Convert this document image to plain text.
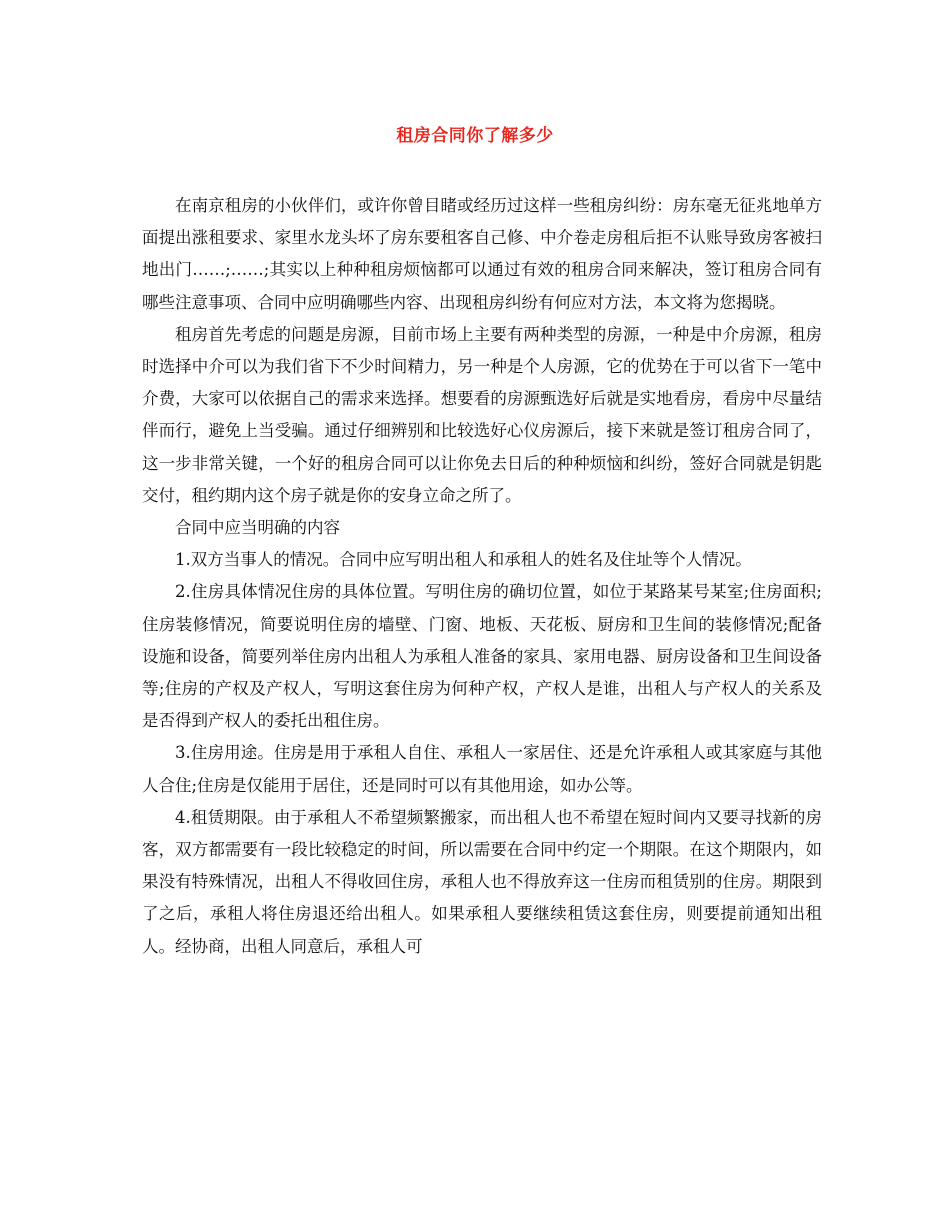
租房合同你了解多少

在南京租房的小伙伴们，或许你曾目睹或经历过这样一些租房纠纷：房东毫无征兆地单方面提出涨租要求、家里水龙头坏了房东要租客自己修、中介卷走房租后拒不认账导致房客被扫地出门……;……;其实以上种种租房烦恼都可以通过有效的租房合同来解决，签订租房合同有哪些注意事项、合同中应明确哪些内容、出现租房纠纷有何应对方法，本文将为您揭晓。

租房首先考虑的问题是房源，目前市场上主要有两种类型的房源，一种是中介房源，租房时选择中介可以为我们省下不少时间精力，另一种是个人房源，它的优势在于可以省下一笔中介费，大家可以依据自己的需求来选择。想要看的房源甄选好后就是实地看房，看房中尽量结伴而行，避免上当受骗。通过仔细辨别和比较选好心仪房源后，接下来就是签订租房合同了，这一步非常关键，一个好的租房合同可以让你免去日后的种种烦恼和纠纷，签好合同就是钥匙交付，租约期内这个房子就是你的安身立命之所了。

合同中应当明确的内容

1.双方当事人的情况。合同中应写明出租人和承租人的姓名及住址等个人情况。

2.住房具体情况住房的具体位置。写明住房的确切位置，如位于某路某号某室;住房面积;住房装修情况，简要说明住房的墙壁、门窗、地板、天花板、厨房和卫生间的装修情况;配备设施和设备，简要列举住房内出租人为承租人准备的家具、家用电器、厨房设备和卫生间设备等;住房的产权及产权人，写明这套住房为何种产权，产权人是谁，出租人与产权人的关系及是否得到产权人的委托出租住房。

3.住房用途。住房是用于承租人自住、承租人一家居住、还是允许承租人或其家庭与其他人合住;住房是仅能用于居住，还是同时可以有其他用途，如办公等。

4.租赁期限。由于承租人不希望频繁搬家，而出租人也不希望在短时间内又要寻找新的房客，双方都需要有一段比较稳定的时间，所以需要在合同中约定一个期限。在这个期限内，如果没有特殊情况，出租人不得收回住房，承租人也不得放弃这一住房而租赁别的住房。期限到了之后，承租人将住房退还给出租人。如果承租人要继续租赁这套住房，则要提前通知出租人。经协商，出租人同意后，承租人可
